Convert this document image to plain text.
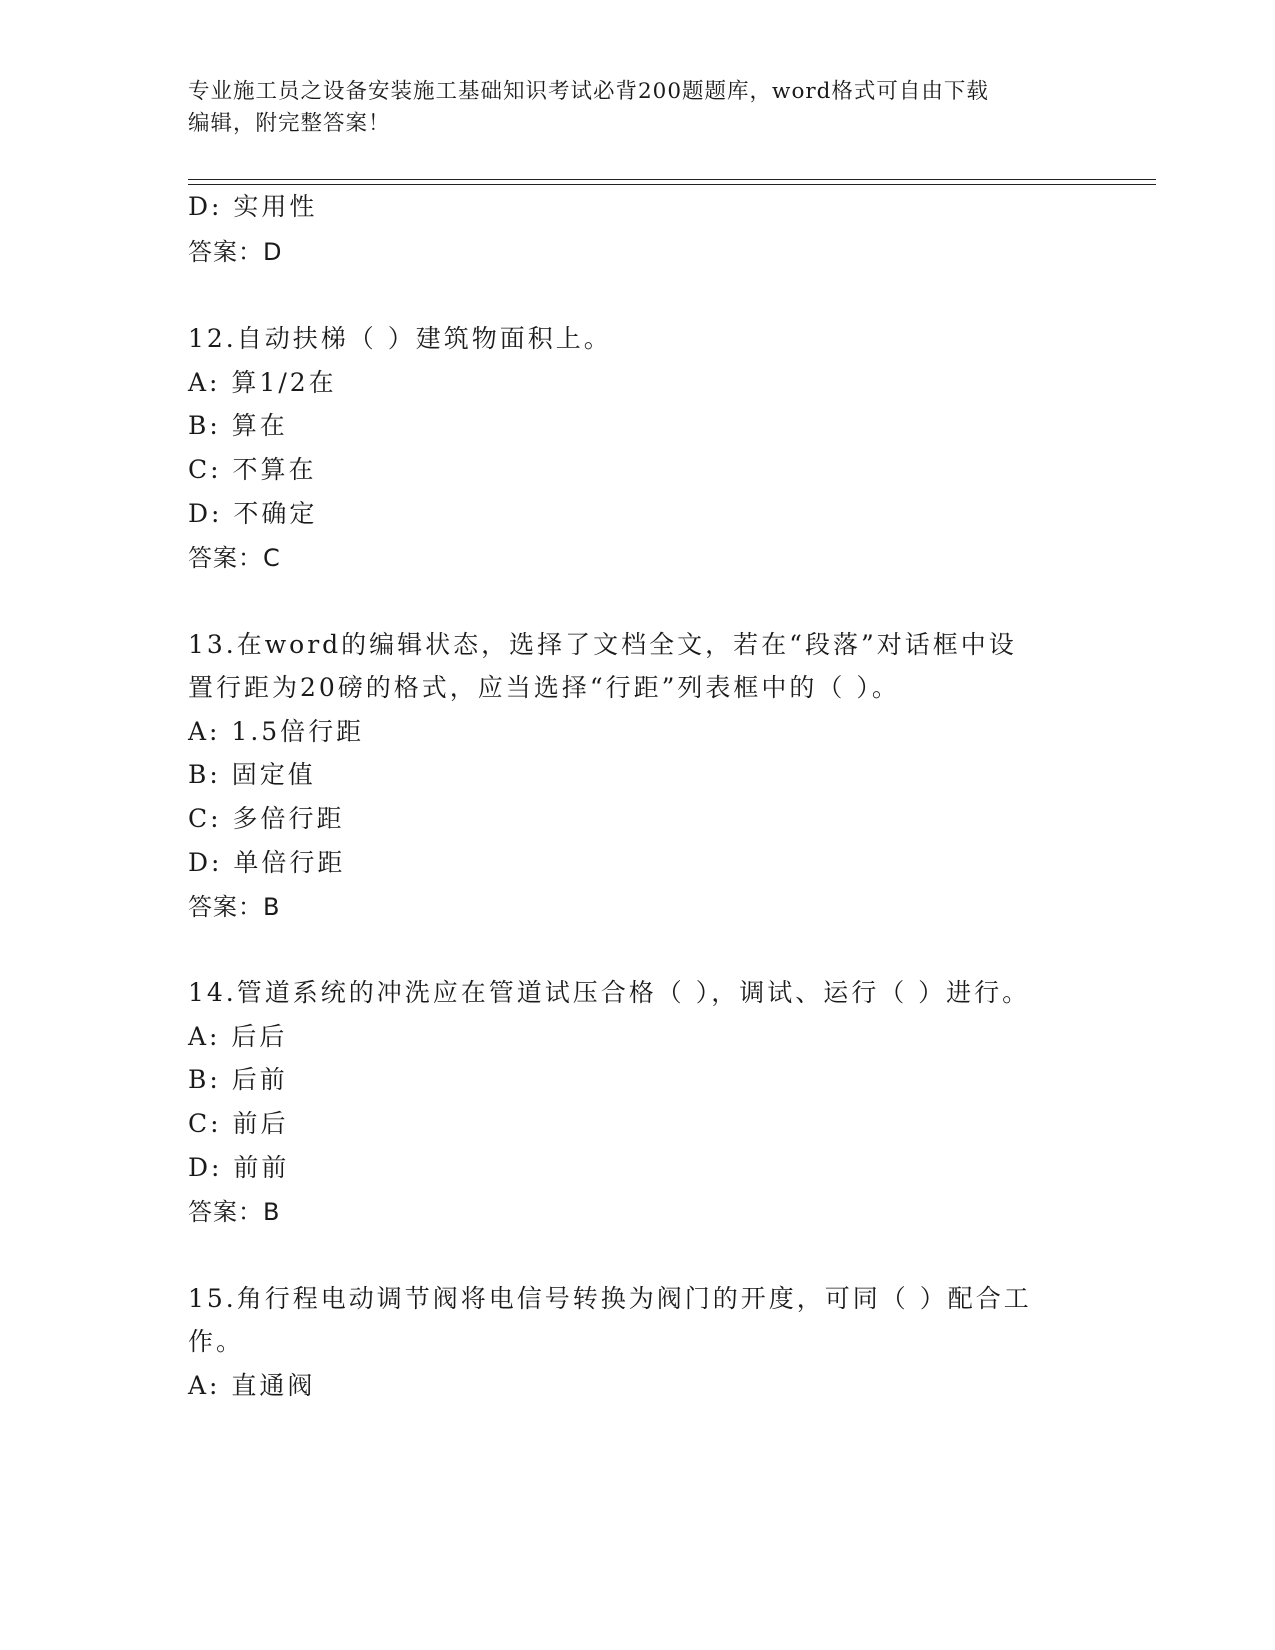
专业施工员之设备安装施工基础知识考试必背200题题库，word格式可自由下载
编辑，附完整答案！
D: 实用性
答案：D
12.自动扶梯（ ）建筑物面积上。
A: 算1/2在
B: 算在
C: 不算在
D: 不确定
答案：C
13.在word的编辑状态，选择了文档全文，若在“段落”对话框中设
置行距为20磅的格式，应当选择“行距”列表框中的（ ）。
A: 1.5倍行距
B: 固定值
C: 多倍行距
D: 单倍行距
答案：B
14.管道系统的冲洗应在管道试压合格（ ），调试、运行（ ）进行。
A: 后后
B: 后前
C: 前后
D: 前前
答案：B
15.角行程电动调节阀将电信号转换为阀门的开度，可同（ ）配合工
作。
A: 直通阀
